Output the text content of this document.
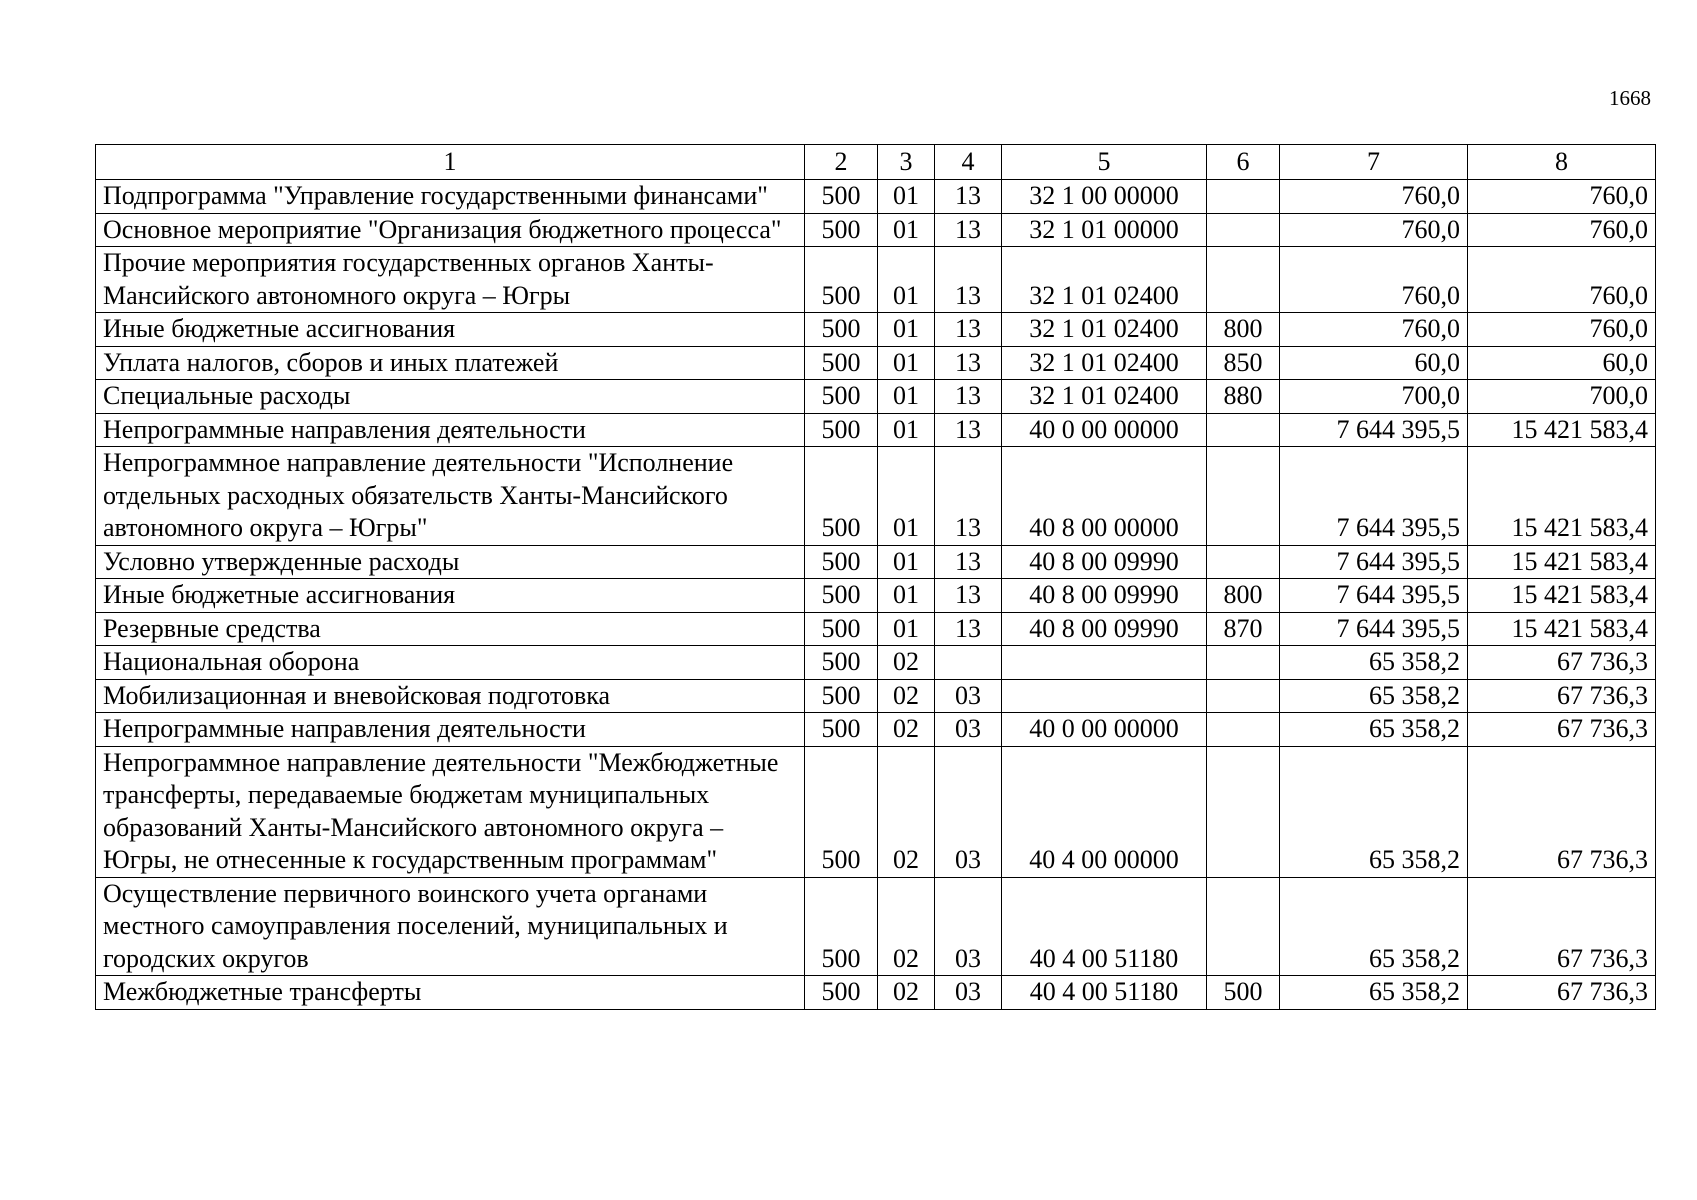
1668
1	2	3	4	5	6	7	8
Подпрограмма "Управление государственными финансами"	500	01	13	32 1 00 00000		760,0	760,0
Основное мероприятие "Организация бюджетного процесса"	500	01	13	32 1 01 00000		760,0	760,0
Прочие мероприятия государственных органов Ханты-Мансийского автономного округа – Югры	500	01	13	32 1 01 02400		760,0	760,0
Иные бюджетные ассигнования	500	01	13	32 1 01 02400	800	760,0	760,0
Уплата налогов, сборов и иных платежей	500	01	13	32 1 01 02400	850	60,0	60,0
Специальные расходы	500	01	13	32 1 01 02400	880	700,0	700,0
Непрограммные направления деятельности	500	01	13	40 0 00 00000		7 644 395,5	15 421 583,4
Непрограммное направление деятельности "Исполнение отдельных расходных обязательств Ханты-Мансийского автономного округа – Югры"	500	01	13	40 8 00 00000		7 644 395,5	15 421 583,4
Условно утвержденные расходы	500	01	13	40 8 00 09990		7 644 395,5	15 421 583,4
Иные бюджетные ассигнования	500	01	13	40 8 00 09990	800	7 644 395,5	15 421 583,4
Резервные средства	500	01	13	40 8 00 09990	870	7 644 395,5	15 421 583,4
Национальная оборона	500	02				65 358,2	67 736,3
Мобилизационная и вневойсковая подготовка	500	02	03			65 358,2	67 736,3
Непрограммные направления деятельности	500	02	03	40 0 00 00000		65 358,2	67 736,3
Непрограммное направление деятельности "Межбюджетные трансферты, передаваемые бюджетам муниципальных образований Ханты-Мансийского автономного округа – Югры, не отнесенные к государственным программам"	500	02	03	40 4 00 00000		65 358,2	67 736,3
Осуществление первичного воинского учета органами местного самоуправления поселений, муниципальных и городских округов	500	02	03	40 4 00 51180		65 358,2	67 736,3
Межбюджетные трансферты	500	02	03	40 4 00 51180	500	65 358,2	67 736,3
